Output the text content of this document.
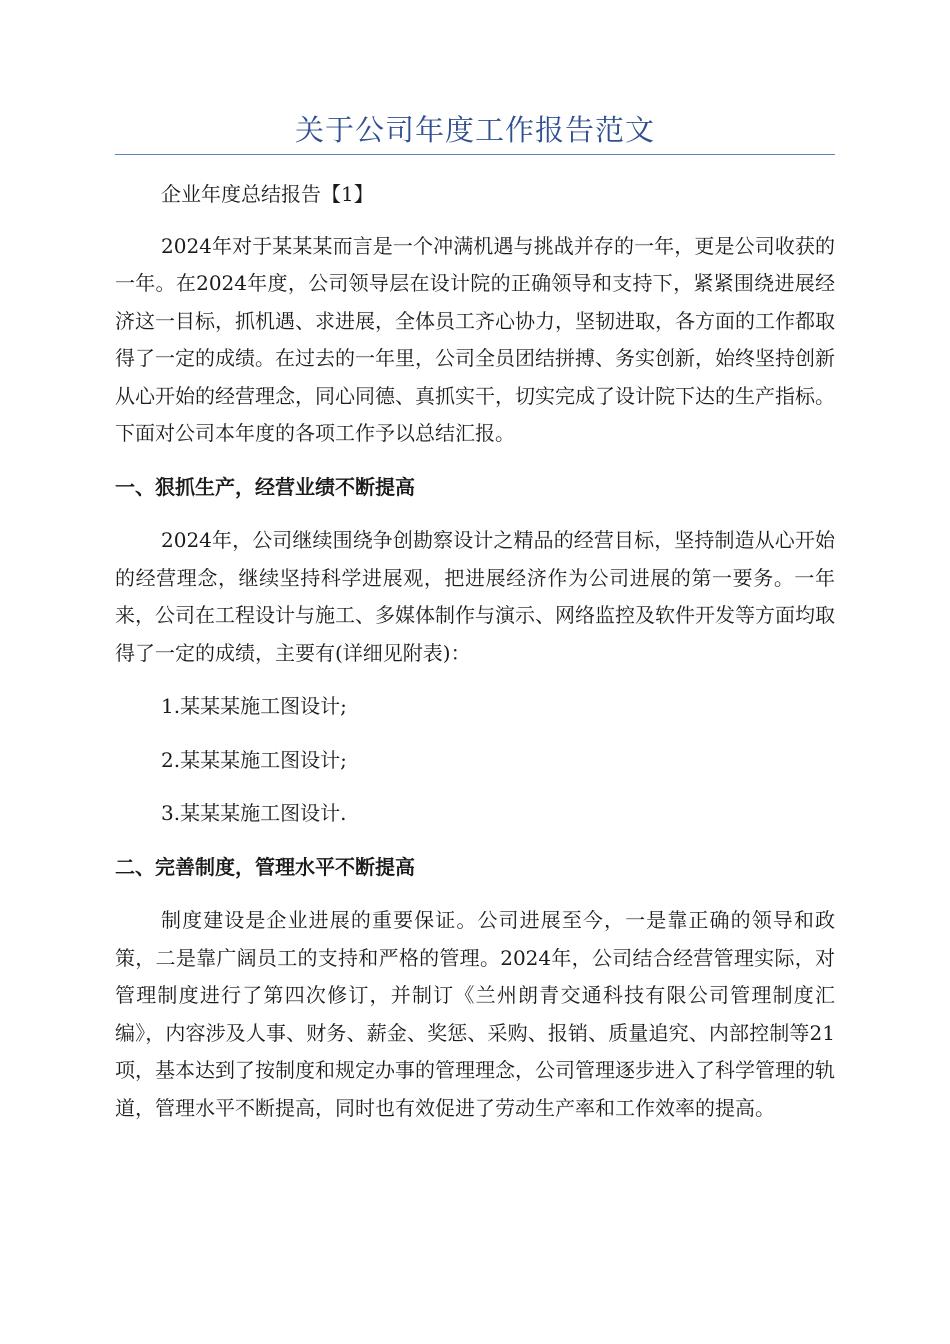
关于公司年度工作报告范文

企业年度总结报告【1】

2024年对于某某某而言是一个冲满机遇与挑战并存的一年，更是公司收获的一年。在2024年度，公司领导层在设计院的正确领导和支持下，紧紧围绕进展经济这一目标，抓机遇、求进展，全体员工齐心协力，坚韧进取，各方面的工作都取得了一定的成绩。在过去的一年里，公司全员团结拼搏、务实创新，始终坚持创新从心开始的经营理念，同心同德、真抓实干，切实完成了设计院下达的生产指标。下面对公司本年度的各项工作予以总结汇报。

一、狠抓生产，经营业绩不断提高

2024年，公司继续围绕争创勘察设计之精品的经营目标，坚持制造从心开始的经营理念，继续坚持科学进展观，把进展经济作为公司进展的第一要务。一年来，公司在工程设计与施工、多媒体制作与演示、网络监控及软件开发等方面均取得了一定的成绩，主要有(详细见附表)：

1.某某某施工图设计;

2.某某某施工图设计;

3.某某某施工图设计.

二、完善制度，管理水平不断提高

制度建设是企业进展的重要保证。公司进展至今，一是靠正确的领导和政策，二是靠广阔员工的支持和严格的管理。2024年，公司结合经营管理实际，对管理制度进行了第四次修订，并制订《兰州朗青交通科技有限公司管理制度汇编》，内容涉及人事、财务、薪金、奖惩、采购、报销、质量追究、内部控制等21项，基本达到了按制度和规定办事的管理理念，公司管理逐步进入了科学管理的轨道，管理水平不断提高，同时也有效促进了劳动生产率和工作效率的提高。
